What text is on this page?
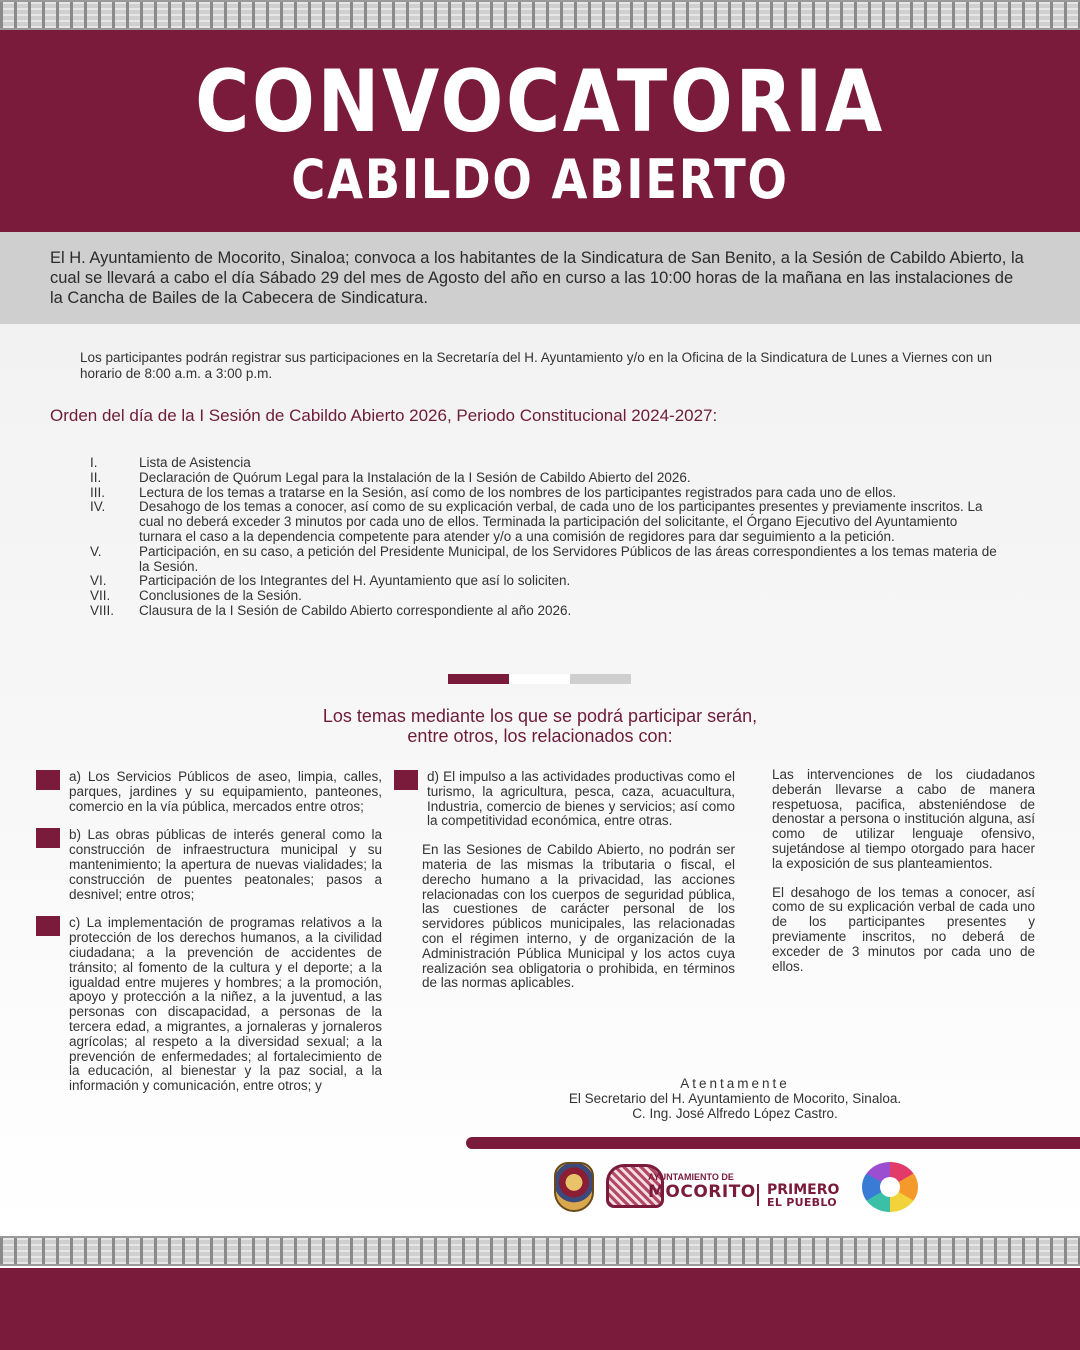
CONVOCATORIA
CABILDO ABIERTO
El H. Ayuntamiento de Mocorito, Sinaloa; convoca a los habitantes de la Sindicatura de San Benito, a la Sesión de Cabildo Abierto, la cual se llevará a cabo el día Sábado 29 del mes de Agosto del año en curso a las 10:00 horas de la mañana en las instalaciones de la Cancha de Bailes de la Cabecera de Sindicatura.
Los participantes podrán registrar sus participaciones en la Secretaría del H. Ayuntamiento y/o en la Oficina de la Sindicatura de Lunes a Viernes con un horario de 8:00 a.m. a 3:00 p.m.
Orden del día de la I Sesión de Cabildo Abierto 2026, Periodo Constitucional 2024-2027:
I.	Lista de Asistencia
II.	Declaración de Quórum Legal para la Instalación de la I Sesión de Cabildo Abierto del 2026.
III.	Lectura de los temas a tratarse en la Sesión, así como de los nombres de los participantes registrados para cada uno de ellos.
IV.	Desahogo de los temas a conocer, así como de su explicación verbal, de cada uno de los participantes presentes y previamente inscritos. La cual no deberá exceder 3 minutos por cada uno de ellos. Terminada la participación del solicitante, el Órgano Ejecutivo del Ayuntamiento turnara el caso a la dependencia competente para atender y/o a una comisión de regidores para dar seguimiento a la petición.
V.	Participación, en su caso, a petición del Presidente Municipal, de los Servidores Públicos de las áreas correspondientes a los temas materia de la Sesión.
VI.	Participación de los Integrantes del H. Ayuntamiento que así lo soliciten.
VII.	Conclusiones de la Sesión.
VIII.	Clausura de la I Sesión de Cabildo Abierto correspondiente al año 2026.
Los temas mediante los que se podrá participar serán,
entre otros, los relacionados con:
a) Los Servicios Públicos de aseo, limpia, calles, parques, jardines y su equipamiento, panteones, comercio en la vía pública, mercados entre otros;
b) Las obras públicas de interés general como la construcción de infraestructura municipal y su mantenimiento; la apertura de nuevas vialidades; la construcción de puentes peatonales; pasos a desnivel; entre otros;
c) La implementación de programas relativos a la protección de los derechos humanos, a la civilidad ciudadana; a la prevención de accidentes de tránsito; al fomento de la cultura y el deporte; a la igualdad entre mujeres y hombres; a la promoción, apoyo y protección a la niñez, a la juventud, a las personas con discapacidad, a personas de la tercera edad, a migrantes, a jornaleras y jornaleros agrícolas; al respeto a la diversidad sexual; a la prevención de enfermedades; al fortalecimiento de la educación, al bienestar y la paz social, a la información y comunicación, entre otros; y
d) El impulso a las actividades productivas como el turismo, la agricultura, pesca, caza, acuacultura, Industria, comercio de bienes y servicios; así como la competitividad económica, entre otras.
En las Sesiones de Cabildo Abierto, no podrán ser materia de las mismas la tributaria o fiscal, el derecho humano a la privacidad, las acciones relacionadas con los cuerpos de seguridad pública, las cuestiones de carácter personal de los servidores públicos municipales, las relacionadas con el régimen interno, y de organización de la Administración Pública Municipal y los actos cuya realización sea obligatoria o prohibida, en términos de las normas aplicables.
Las intervenciones de los ciudadanos deberán llevarse a cabo de manera respetuosa, pacifica, absteniéndose de denostar a persona o institución alguna, así como de utilizar lenguaje ofensivo, sujetándose al tiempo otorgado para hacer la exposición de sus planteamientos.
El desahogo de los temas a conocer, así como de su explicación verbal de cada uno de los participantes presentes y previamente inscritos, no deberá de exceder de 3 minutos por cada uno de ellos.
Atentamente
El Secretario del H. Ayuntamiento de Mocorito, Sinaloa.
C. Ing. José Alfredo López Castro.
AYUNTAMIENTO DE
MOCORITO PRIMERO
EL PUEBLO
